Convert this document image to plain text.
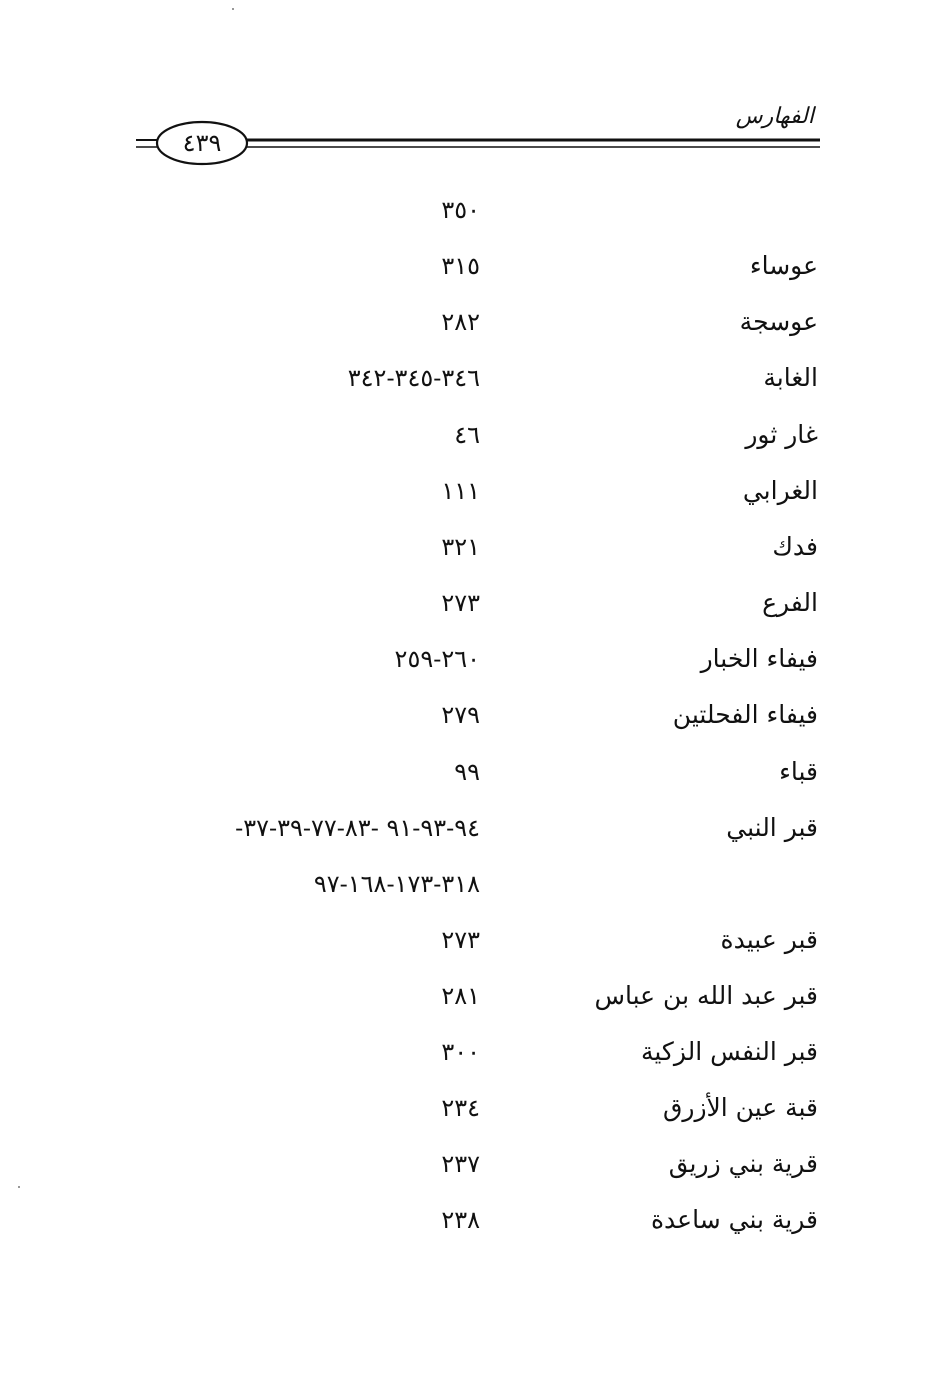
الفهارس
٤٣٩
٣٥٠
عوساء
٣١٥
عوسجة
٢٨٢
الغابة
٣٤٦-٣٤٥-٣٤٢
غار ثور
٤٦
الغرابي
١١١
فدك
٣٢١
الفرع
٢٧٣
فيفاء الخبار
٢٦٠-٢٥٩
فيفاء الفحلتين
٢٧٩
قباء
٩٩
قبر النبي
٩٤-٩٣-٩١ -٨٣-٧٧-٣٩-٣٧-
٣١٨-١٧٣-١٦٨-٩٧
قبر عبيدة
٢٧٣
قبر عبد الله بن عباس
٢٨١
قبر النفس الزكية
٣٠٠
قبة عين الأزرق
٢٣٤
قرية بني زريق
٢٣٧
قرية بني ساعدة
٢٣٨
